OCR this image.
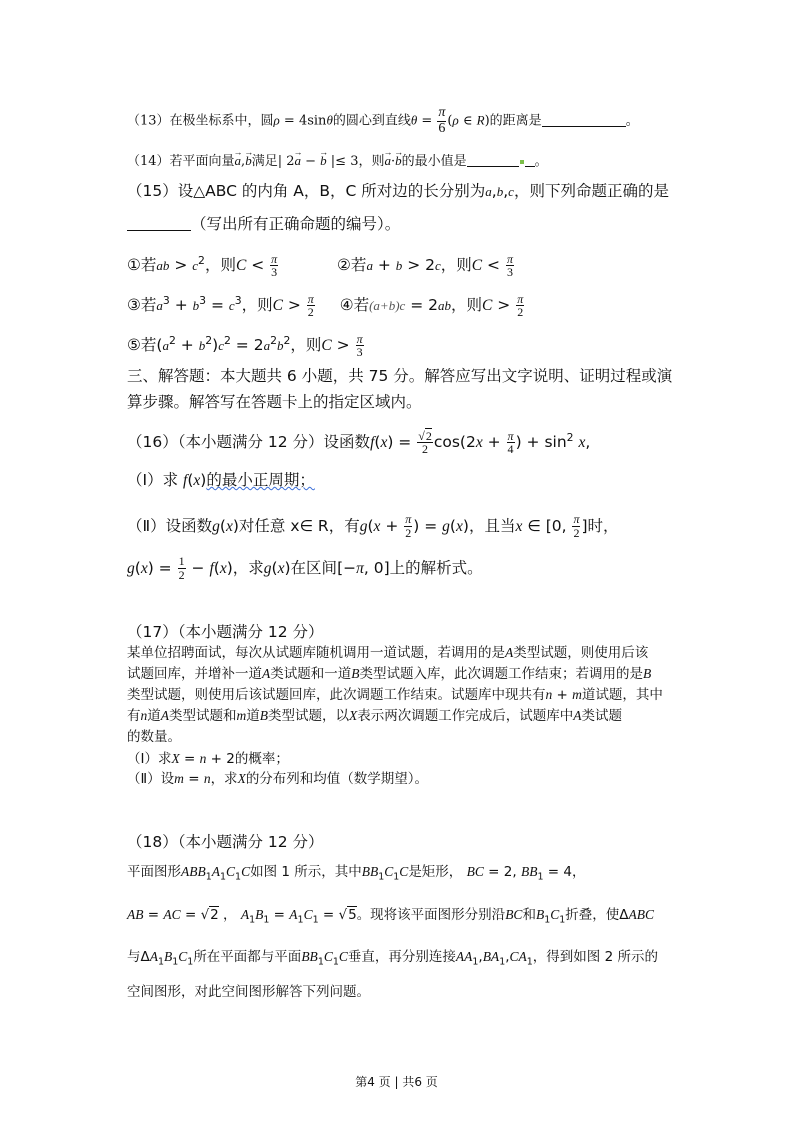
（13）在极坐标系中，圆ρ = 4sinθ的圆心到直线$\theta = \frac{\pi}{6} (\rho$ ∈ R)的距离是	。
（14）若平面向量→ a,→ b满足| 2→ a − → b |≤ 3，则→ a·→ b的最小值是	。
（15）设△ABC 的内角 A，B，C 所对边的长分别为a,b,c，则下列命题正确的是
（写出所有正确命题的编号）。
①若ab > $c^2$，则$C < \frac{\pi}{3}$	②若a + b > 2c，则$C < \frac{\pi}{3}$
③若$a^3 + b^3 = c^3$，则$C > \frac{\pi}{2}$ ④若(a+b)c = 2ab，则$C > \frac{\pi}{2}$
⑤若$(a^2 + b^2)c^2 = 2a^2b^2$，则$C > \frac{\pi}{3}$
三、解答题：本大题共 6 小题，共 75 分。解答应写出文字说明、证明过程或演
算步骤。解答写在答题卡上的指定区域内。
（16）（本小题满分 12 分）设函数$f(x) = \frac{√2}{2} \cos(2x + \frac{\pi}{4}$ ) + $\sin^2 x$,
（Ⅰ）求 f(x)的最小正周期；
（Ⅱ）设函数g(x)对任意 x∈ R，有$g(x + \frac{\pi}{2}$ ) = g(x)，且当x ∈ [0, $\frac{\pi}{2}$ ]时，
$g(x) = \frac{1}{2} - f(x)$，求g(x)在区间[−π, 0]上的解析式。
（17）（本小题满分 12 分）
某单位招聘面试，每次从试题库随机调用一道试题，若调用的是A类型试题，则使用后该
试题回库，并增补一道A类试题和一道B类型试题入库，此次调题工作结束；若调用的是B
类型试题，则使用后该试题回库，此次调题工作结束。试题库中现共有n + m道试题，其中
有n道A类型试题和m道B类型试题，以X表示两次调题工作完成后，试题库中A类试题
的数量。
（Ⅰ）求X = n + 2的概率；
（Ⅱ）设m = n，求X的分布列和均值（数学期望）。
（18）（本小题满分 12 分）
平面图形$ABB_1A_1C_1C$如图 1 所示，其中$BB_1C_1C$是矩形， BC = 2, $BB_1 = 4$，
AB = AC = √2 ， $A_1B_1 = A_1C_1 = √5$。现将该平面图形分别沿BC和$B_1C_1$折叠，使ΔABC
与$\Delta A_1B_1C_1$所在平面都与平面$BB_1C_1C$垂直，再分别连接$AA_1,BA_1,CA_1$，得到如图 2 所示的
空间图形，对此空间图形解答下列问题。
第4 页 | 共6 页
